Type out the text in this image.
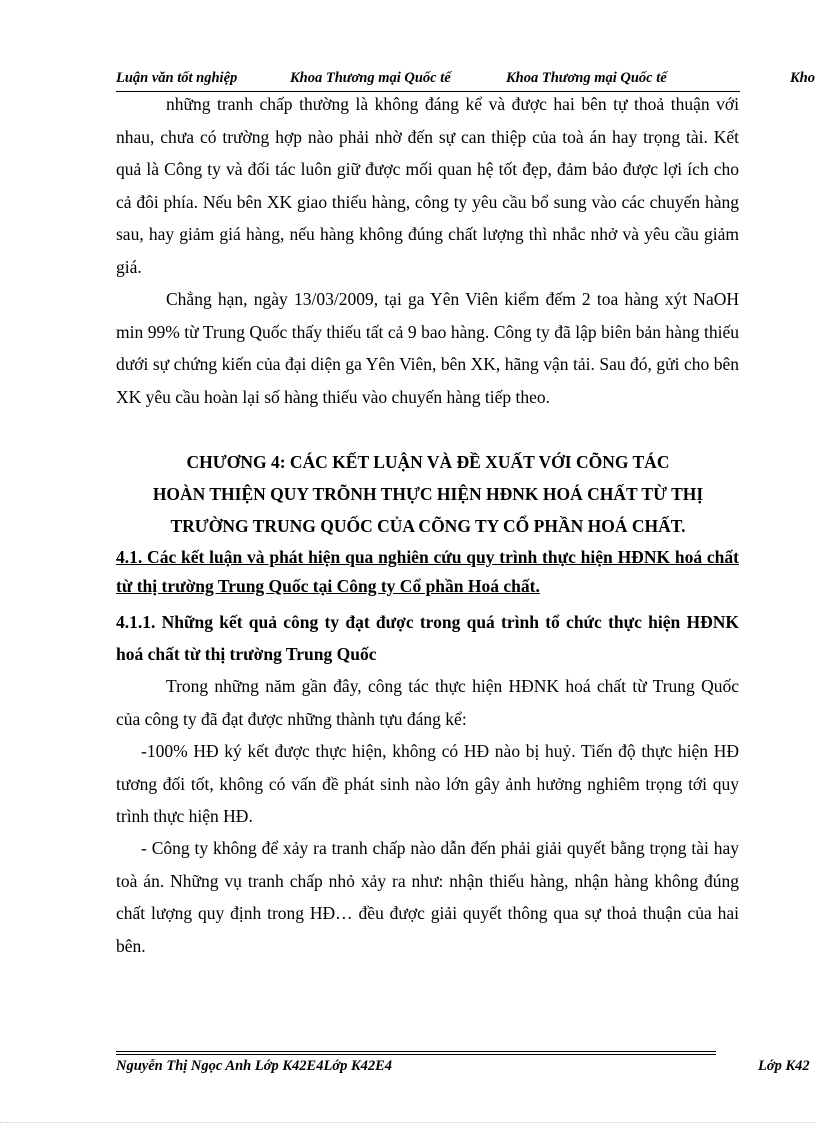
Luận văn tốt nghiệp	Khoa Thương mại Quốc tế	Khoa Thương mại Quốc tế	Kho
những tranh chấp thường là không đáng kể và được hai bên tự thoả thuận với nhau, chưa có trường hợp nào phải nhờ đến sự can thiệp của toà án hay trọng tài. Kết quả là Công ty và đối tác luôn giữ được mối quan hệ tốt đẹp, đảm bảo được lợi ích cho cả đôi phía. Nếu bên XK giao thiếu hàng, công ty yêu cầu bổ sung vào các chuyến hàng sau, hay giảm giá hàng, nếu hàng không đúng chất lượng thì nhắc nhở và yêu cầu giảm giá.
Chẳng hạn, ngày 13/03/2009, tại ga Yên Viên kiểm đếm 2 toa hàng xýt NaOH min 99% từ Trung Quốc thấy thiếu tất cả 9 bao hàng. Công ty đã lập biên bản hàng thiếu dưới sự chứng kiến của đại diện ga Yên Viên, bên XK, hãng vận tải. Sau đó, gửi cho bên XK yêu cầu hoàn lại số hàng thiếu vào chuyến hàng tiếp theo.
CHƯƠNG 4: CÁC KẾT LUẬN VÀ ĐỀ XUẤT VỚI CÕNG TÁC
HOÀN THIỆN QUY TRÕNH THỰC HIỆN HĐNK HOÁ CHẤT TỪ THỊ
TRƯỜNG TRUNG QUỐC CỦA CÕNG TY CỔ PHẦN HOÁ CHẤT.
4.1. Các kết luận và phát hiện qua nghiên cứu quy trình thực hiện HĐNK hoá chất từ thị trường Trung Quốc tại Công ty Cổ phần Hoá chất.
4.1.1. Những kết quả công ty đạt được trong quá trình tổ chức thực hiện HĐNK hoá chất từ thị trường Trung Quốc
Trong những năm gần đây, công tác thực hiện HĐNK hoá chất từ Trung Quốc của công ty đã đạt được những thành tựu đáng kể:
-100% HĐ ký kết được thực hiện, không có HĐ nào bị huỷ. Tiến độ thực hiện HĐ tương đối tốt, không có vấn đề phát sinh nào lớn gây ảnh hưởng nghiêm trọng tới quy trình thực hiện HĐ.
- Công ty không để xảy ra tranh chấp nào dẫn đến phải giải quyết bằng trọng tài hay toà án. Những vụ tranh chấp nhỏ xảy ra như: nhận thiếu hàng, nhận hàng không đúng chất lượng quy định trong HĐ… đều được giải quyết thông qua sự thoả thuận của hai bên.
Nguyễn Thị Ngọc Anh Lớp K42E4Lớp K42E4	Lớp K42
